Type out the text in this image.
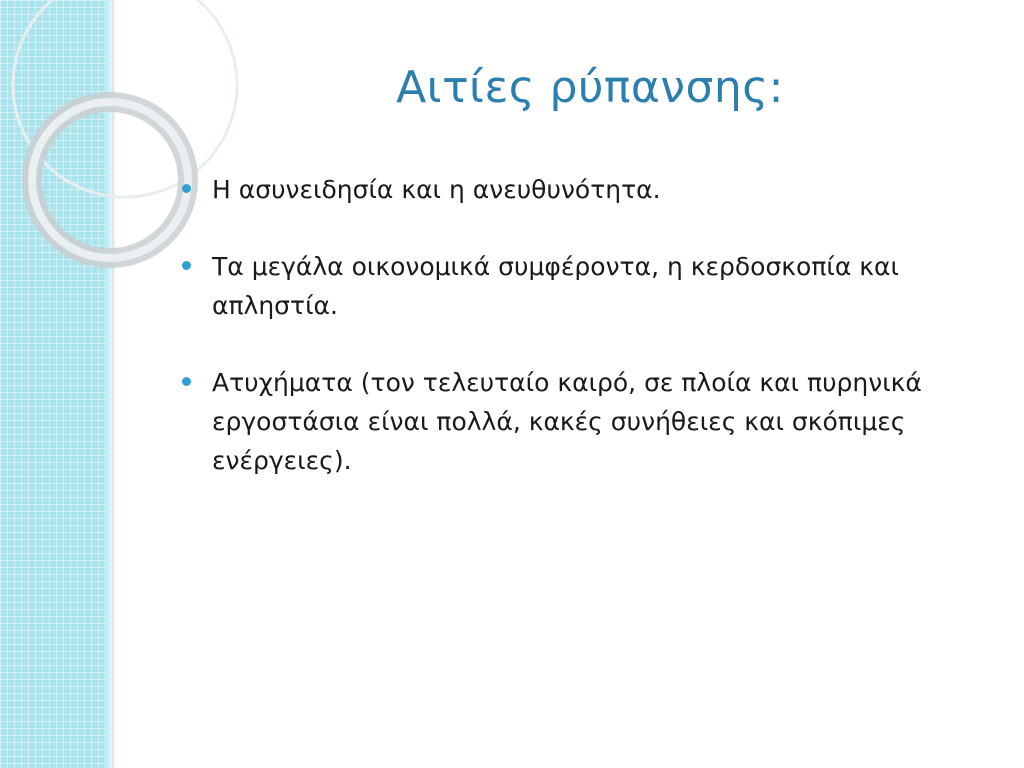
Αιτίες ρύπανσης:
Η ασυνειδησία και η ανευθυνότητα.
Τα μεγάλα οικονομικά συμφέροντα, η κερδοσκοπία και απληστία.
Ατυχήματα (τον τελευταίο καιρό, σε πλοία και πυρηνικά εργοστάσια είναι πολλά, κακές συνήθειες και σκόπιμες ενέργειες).
